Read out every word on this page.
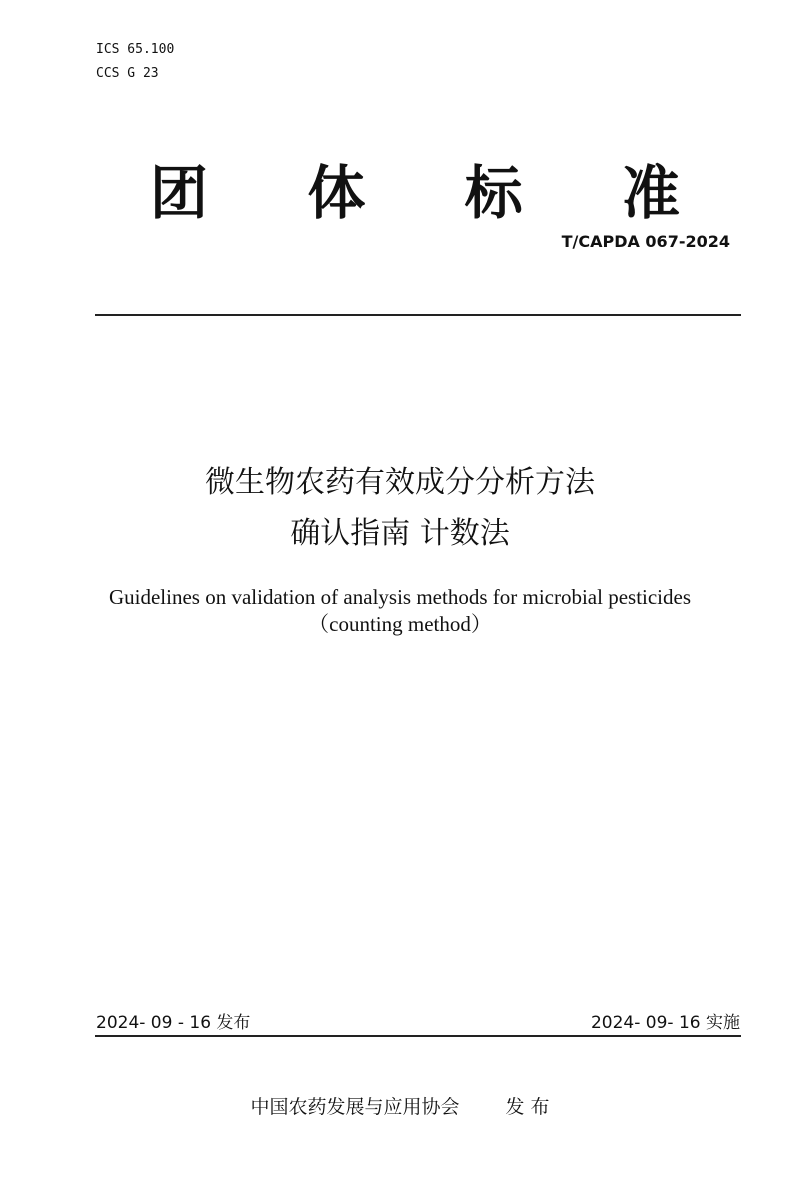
ICS 65.100
CCS G 23
团 体 标 准
T/CAPDA 067-2024
微生物农药有效成分分析方法
确认指南 计数法
Guidelines on validation of analysis methods for microbial pesticides
（counting method）
2024- 09 - 16 发布	2024- 09- 16 实施
中国农药发展与应用协会 发 布
